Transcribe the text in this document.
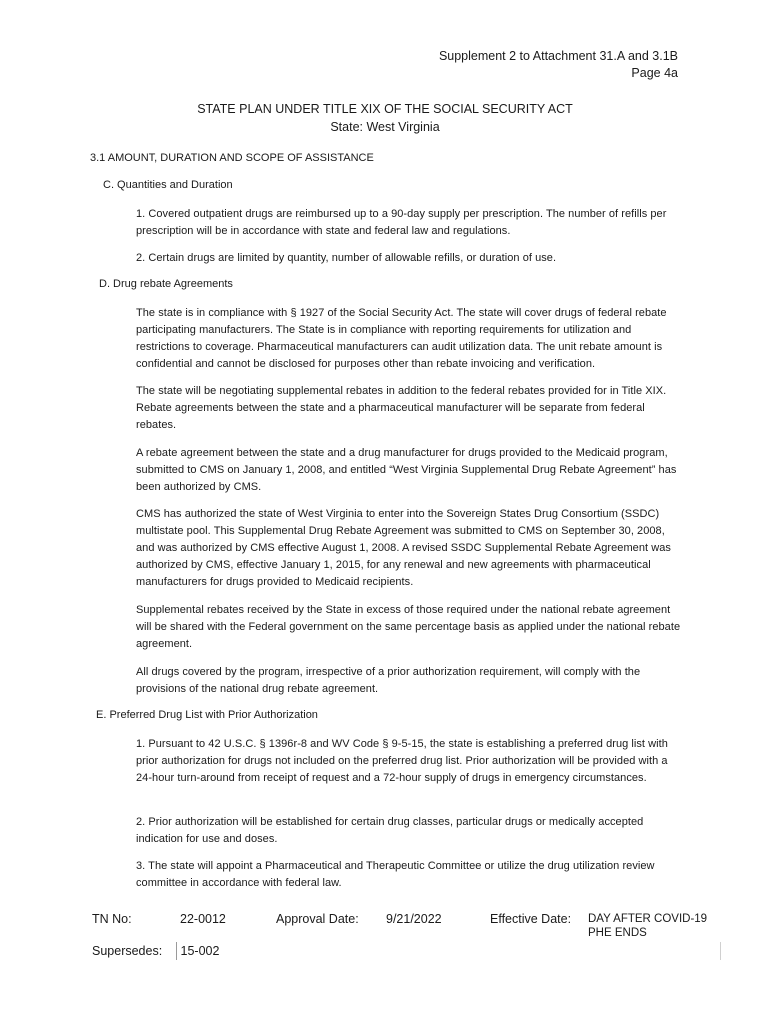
Supplement 2 to Attachment 31.A and 3.1B
Page 4a
STATE PLAN UNDER TITLE XIX OF THE SOCIAL SECURITY ACT
State: West Virginia
3.1 AMOUNT, DURATION AND SCOPE OF ASSISTANCE
C. Quantities and Duration

1. Covered outpatient drugs are reimbursed up to a 90-day supply per prescription. The number of refills per prescription will be in accordance with state and federal law and regulations.

2. Certain drugs are limited by quantity, number of allowable refills, or duration of use.

D. Drug rebate Agreements

The state is in compliance with § 1927 of the Social Security Act. The state will cover drugs of federal rebate participating manufacturers. The State is in compliance with reporting requirements for utilization and restrictions to coverage. Pharmaceutical manufacturers can audit utilization data. The unit rebate amount is confidential and cannot be disclosed for purposes other than rebate invoicing and verification.

The state will be negotiating supplemental rebates in addition to the federal rebates provided for in Title XIX. Rebate agreements between the state and a pharmaceutical manufacturer will be separate from federal rebates.

A rebate agreement between the state and a drug manufacturer for drugs provided to the Medicaid program, submitted to CMS on January 1, 2008, and entitled “West Virginia Supplemental Drug Rebate Agreement” has been authorized by CMS.

CMS has authorized the state of West Virginia to enter into the Sovereign States Drug Consortium (SSDC) multistate pool. This Supplemental Drug Rebate Agreement was submitted to CMS on September 30, 2008, and was authorized by CMS effective August 1, 2008. A revised SSDC Supplemental Rebate Agreement was authorized by CMS, effective January 1, 2015, for any renewal and new agreements with pharmaceutical manufacturers for drugs provided to Medicaid recipients.

Supplemental rebates received by the State in excess of those required under the national rebate agreement will be shared with the Federal government on the same percentage basis as applied under the national rebate agreement.

All drugs covered by the program, irrespective of a prior authorization requirement, will comply with the provisions of the national drug rebate agreement.

E. Preferred Drug List with Prior Authorization

1. Pursuant to 42 U.S.C. § 1396r-8 and WV Code § 9-5-15, the state is establishing a preferred drug list with prior authorization for drugs not included on the preferred drug list. Prior authorization will be provided with a 24-hour turn-around from receipt of request and a 72-hour supply of drugs in emergency circumstances.

2. Prior authorization will be established for certain drug classes, particular drugs or medically accepted indication for use and doses.

3. The state will appoint a Pharmaceutical and Therapeutic Committee or utilize the drug utilization review committee in accordance with federal law.

TN No:	22-0012	Approval Date:	9/21/2022	Effective Date:	DAY AFTER COVID-19 PHE ENDS
Supersedes:	15-002				
